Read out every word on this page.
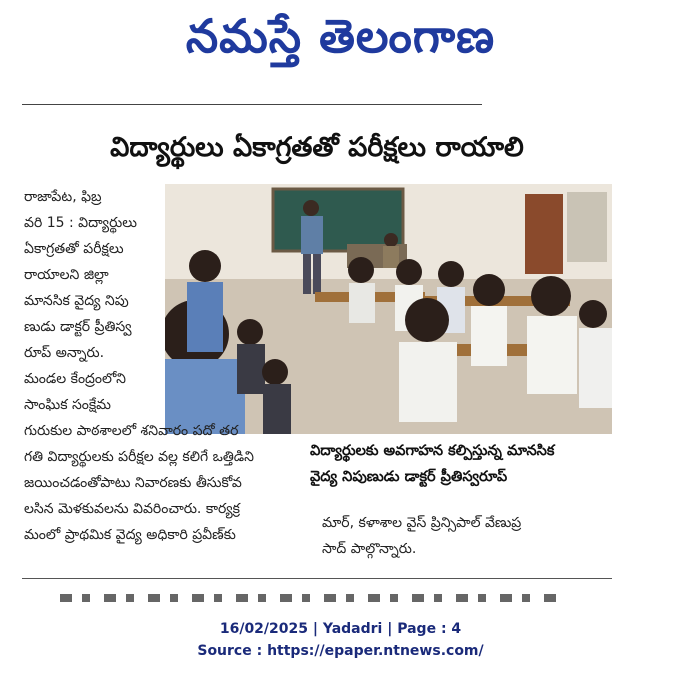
నమస్తే తెలంగాణ
విద్యార్థులు ఏకాగ్రతతో పరీక్షలు రాయాలి
రాజాపేట, ఫిబ్ర
వరి 15 : విద్యార్థులు
ఏకాగ్రతతో పరీక్షలు
రాయాలని జిల్లా
మానసిక వైద్య నిపు
ణుడు డాక్టర్ ప్రీతిస్వ
రూప్ అన్నారు.
మండల కేంద్రంలోని
సాంఘిక సంక్షేమ
విద్యార్థులకు అవగాహన కల్పిస్తున్న మానసిక
వైద్య నిపుణుడు డాక్టర్ ప్రీతిస్వరూప్
గురుకుల పాఠశాలలో శనివారం పదో తర
గతి విద్యార్థులకు పరీక్షల వల్ల కలిగే ఒత్తిడిని
జయించడంతోపాటు నివారణకు తీసుకోవ
లసిన మెళకువలను వివరించారు. కార్యక్ర
మంలో ప్రాథమిక వైద్య అధికారి ప్రవీణ్‌కు
మార్, కళాశాల వైస్ ప్రిన్సిపాల్ వేణుప్ర
సాద్ పాల్గొన్నారు.
16/02/2025 | Yadadri | Page : 4
Source : https://epaper.ntnews.com/
